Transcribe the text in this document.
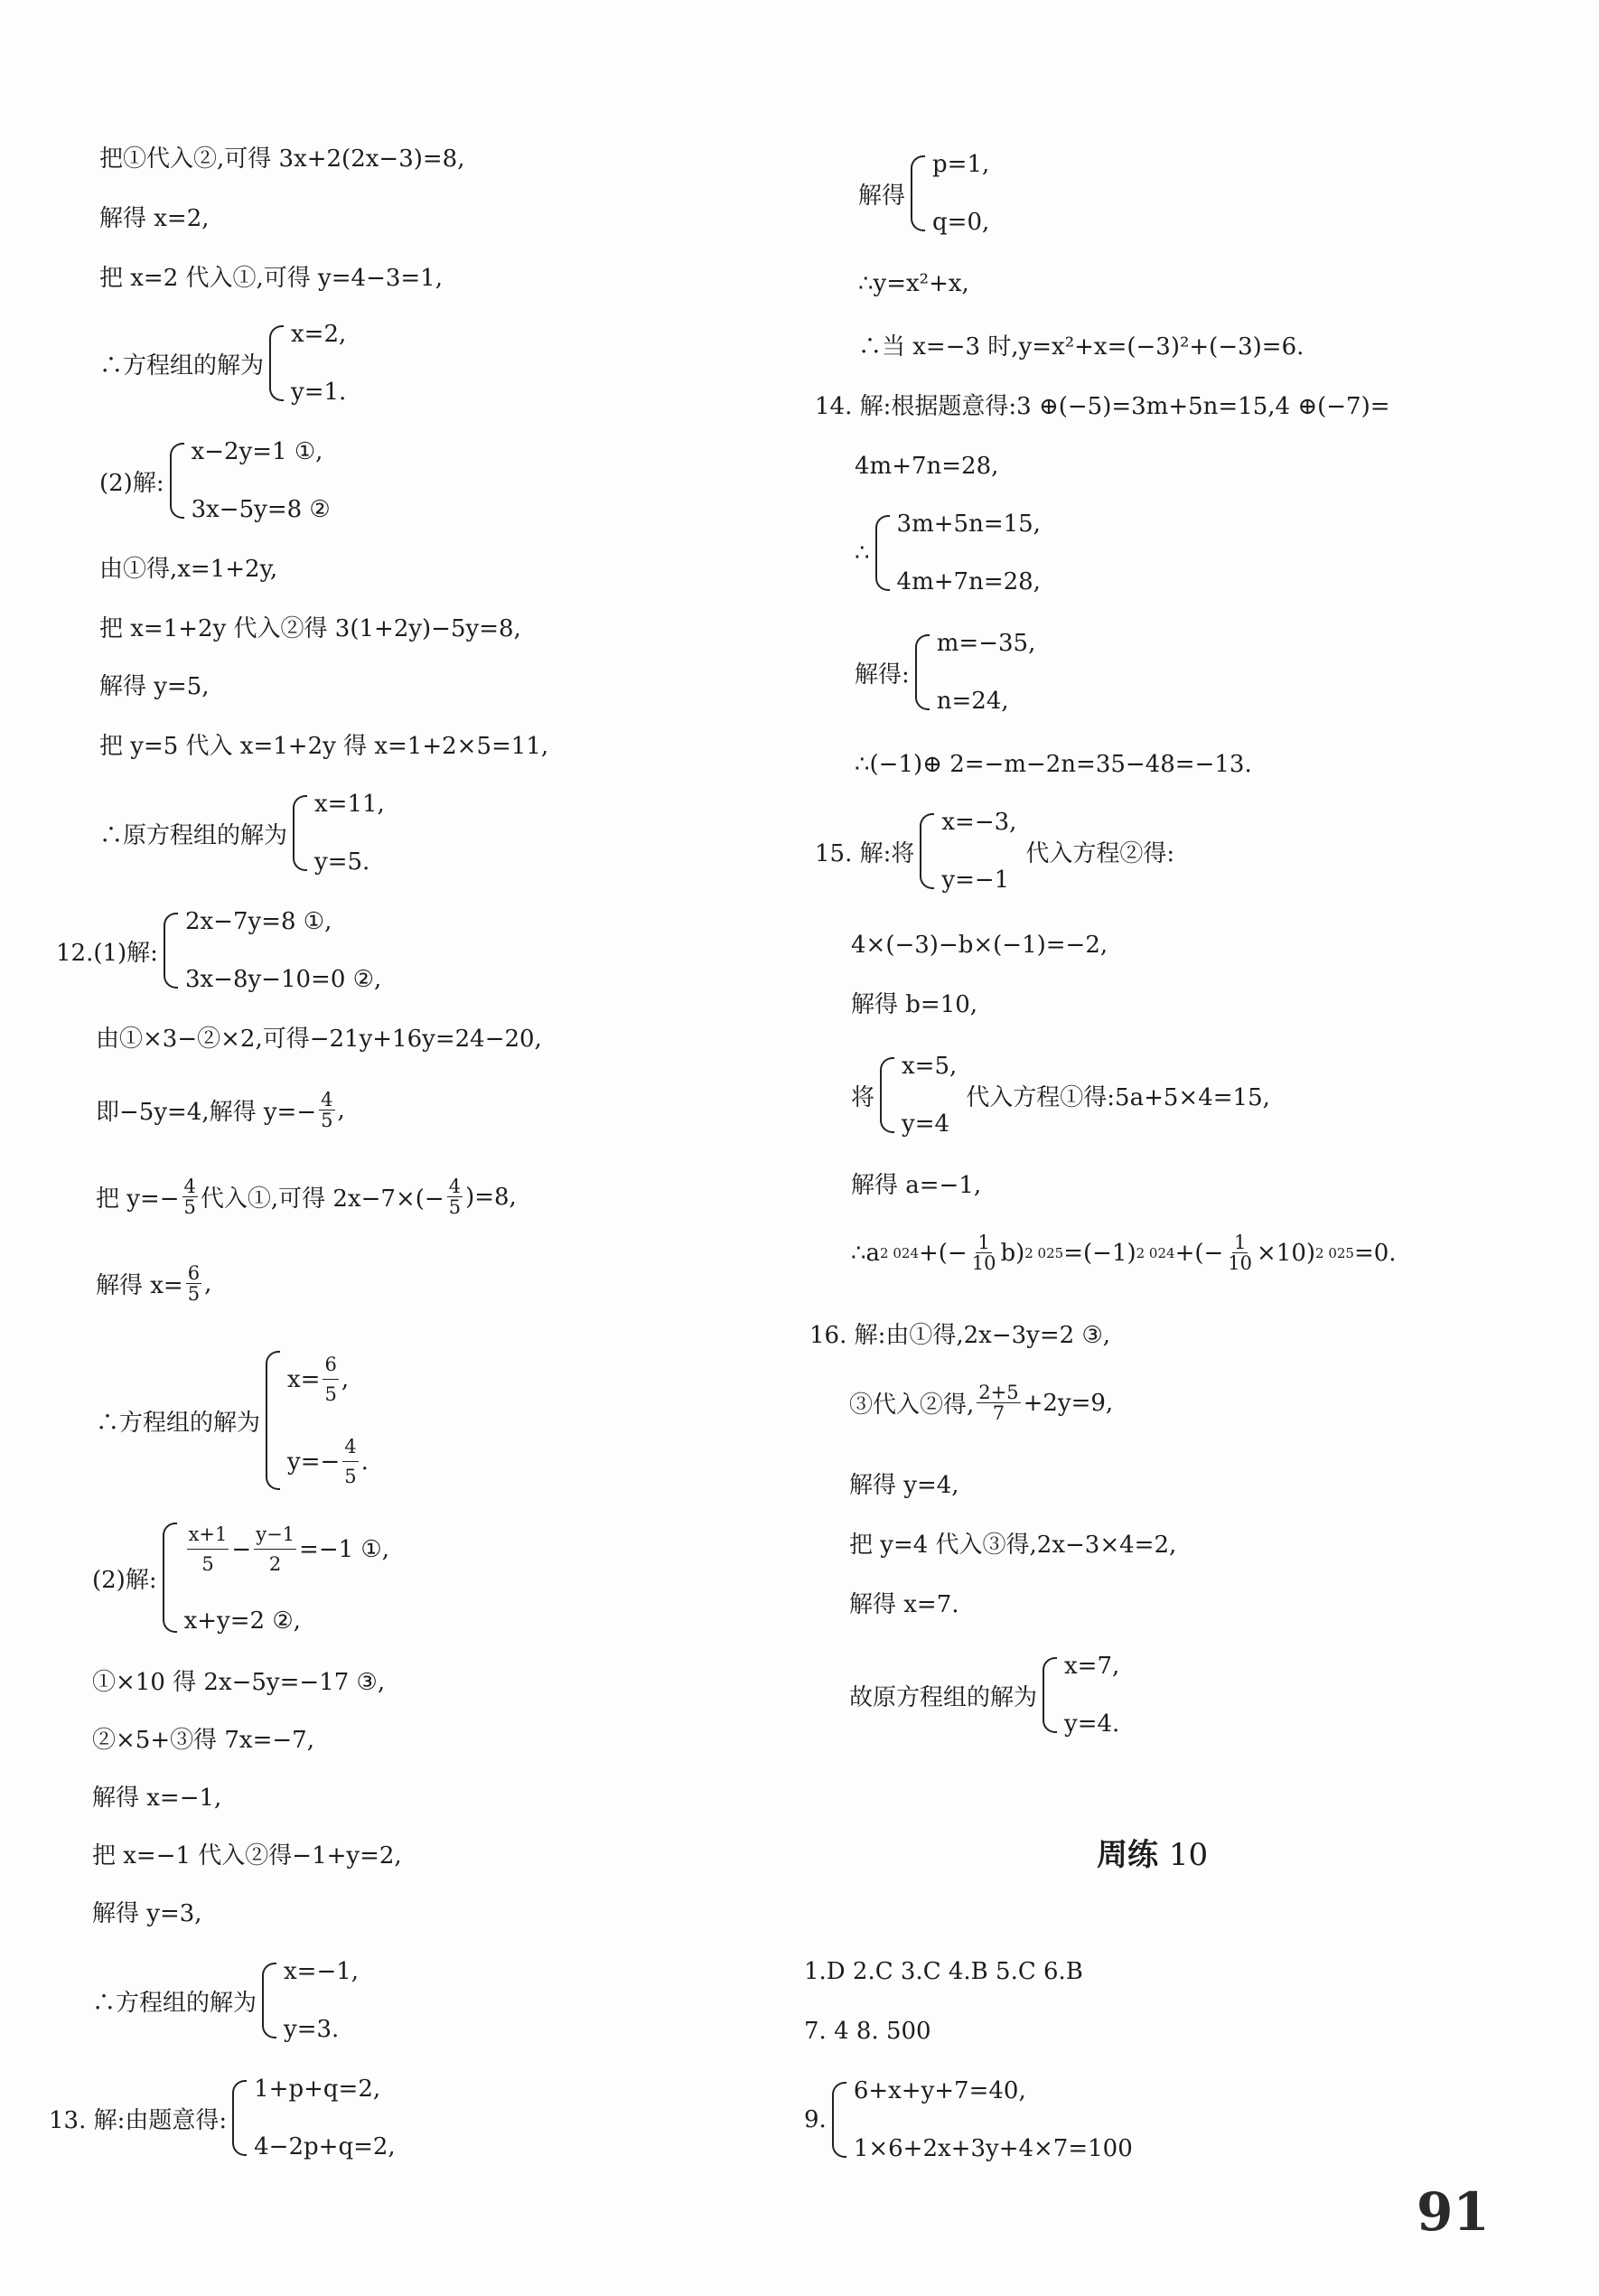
把①代入②,可得 3x+2(2x−3)=8,
解得 x=2,
把 x=2 代入①,可得 y=4−3=1,
∴方程组的解为
x=2,
y=1.
(2)解:
x−2y=1 ①,
3x−5y=8 ②
由①得,x=1+2y,
把 x=1+2y 代入②得 3(1+2y)−5y=8,
解得 y=5,
把 y=5 代入 x=1+2y 得 x=1+2×5=11,
∴原方程组的解为
x=11,
y=5.
12.(1)解:
2x−7y=8 ①,
3x−8y−10=0 ②,
由①×3−②×2,可得−21y+16y=24−20,
即−5y=4,解得 $y=- \frac{4}{5}$ ,
把 $y=- \frac{4}{5}$ 代入①,可得 $2x-7\times(- \frac{4}{5} )=8$,
解得 $x= \frac{6}{5}$ ,
∴方程组的解为
$x= \frac{6}{5}$ ,
$y=- \frac{4}{5}$ .
(2)解:
$\frac{x+1}{5} - \frac{y-1}{2} =-1$ ①,
x+y=2 ②,
①×10 得 2x−5y=−17 ③,
②×5+③得 7x=−7,
解得 x=−1,
把 x=−1 代入②得−1+y=2,
解得 y=3,
∴方程组的解为
x=−1,
y=3.
13. 解:由题意得:
1+p+q=2,
4−2p+q=2,
解得
p=1,
q=0,
∴y=x²+x,
∴当 x=−3 时,y=x²+x=(−3)²+(−3)=6.
14. 解:根据题意得:3 ⊕(−5)=3m+5n=15,4 ⊕(−7)=
4m+7n=28,
∴
3m+5n=15,
4m+7n=28,
解得:
m=−35,
n=24,
∴(−1)⊕ 2=−m−2n=35−48=−13.
15. 解:将
x=−3,
y=−1
代入方程②得:
4×(−3)−b×(−1)=−2,
解得 b=10,
将
x=5,
y=4
代入方程①得:5a+5×4=15,
解得 a=−1,
∴a 2 024 +(− $\frac{1}{10} b$) 2 025 =(−1) 2 024 +(− $\frac{1}{10} \times 10$) 2 025 =0.
16. 解:由①得,2x−3y=2 ③,
③代入②得, $\frac{2+5}{7} +2y=9$,
解得 y=4,
把 y=4 代入③得,2x−3×4=2,
解得 x=7.
故原方程组的解为
x=7,
y=4.
周练 10
1.D 2.C 3.C 4.B 5.C 6.B
7. 4 8. 500
9.
6+x+y+7=40,
1×6+2x+3y+4×7=100
91
